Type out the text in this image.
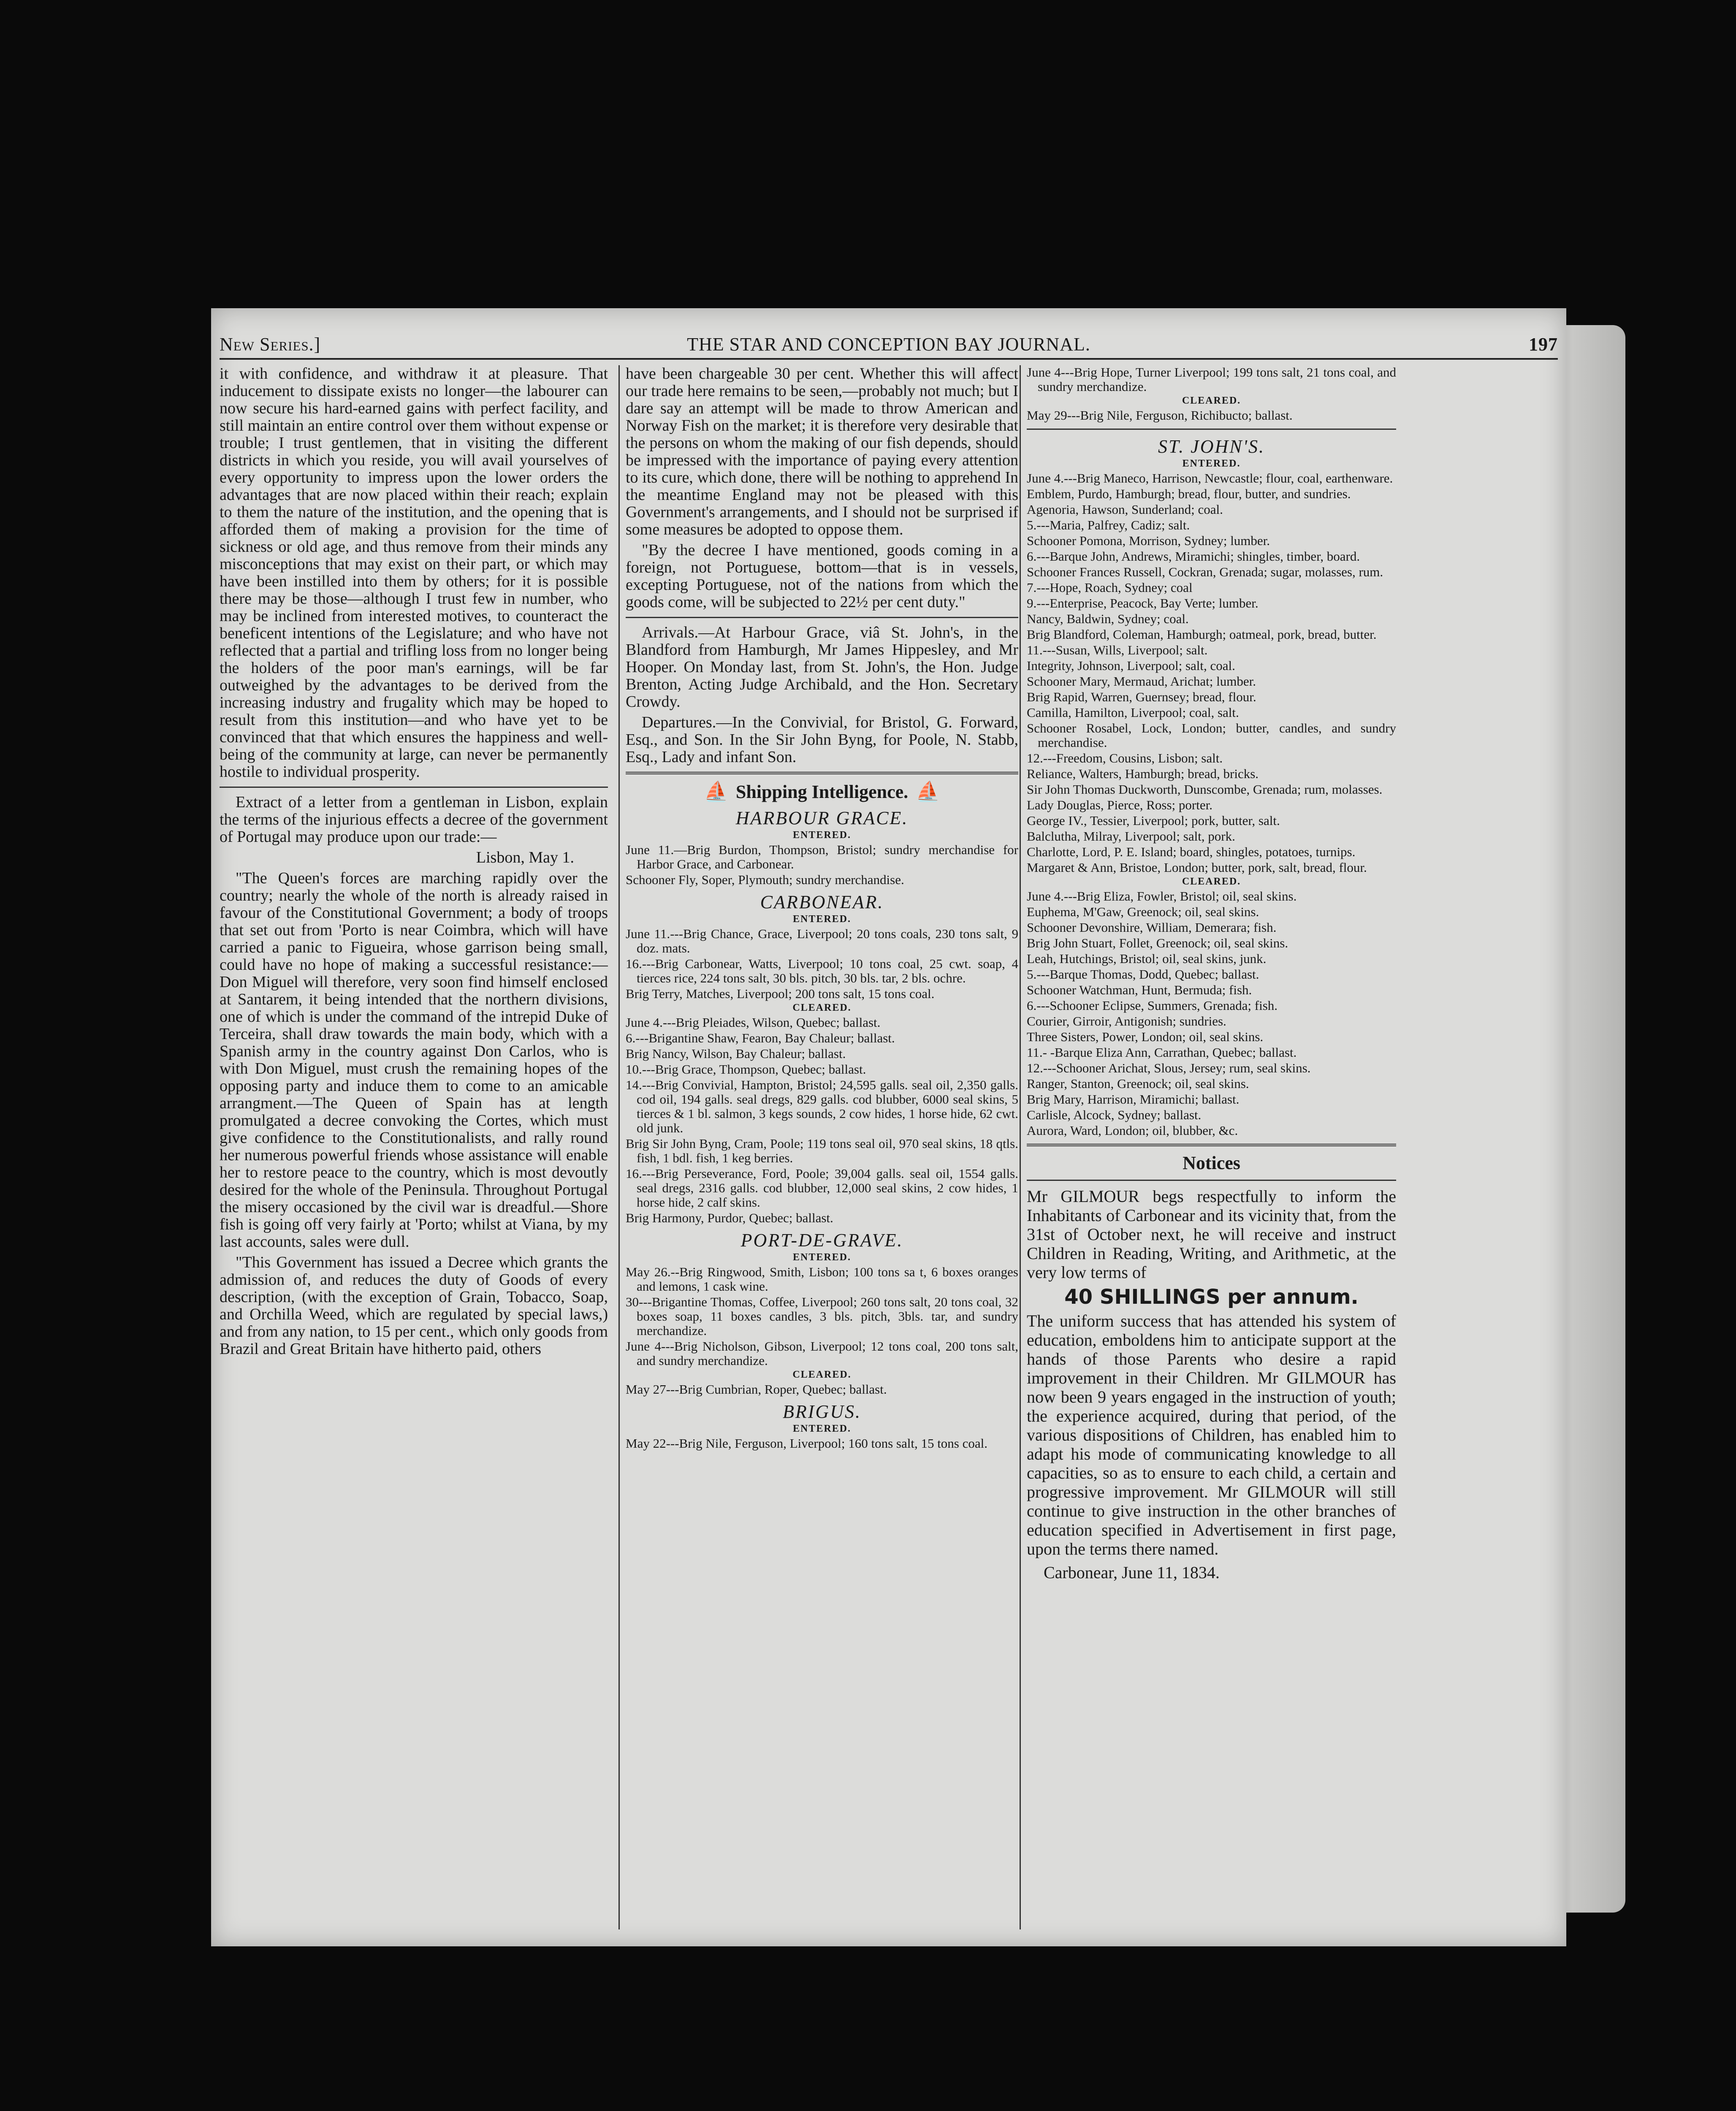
New Series.]	THE STAR AND CONCEPTION BAY JOURNAL.	197

it with confidence, and withdraw it at pleasure. That inducement to dissipate exists no longer—the labourer can now secure his hard-earned gains with perfect facility, and still maintain an entire control over them without expense or trouble; I trust gentlemen, that in visiting the different districts in which you reside, you will avail yourselves of every opportunity to impress upon the lower orders the advantages that are now placed within their reach; explain to them the nature of the institution, and the opening that is afforded them of making a provision for the time of sickness or old age, and thus remove from their minds any misconceptions that may exist on their part, or which may have been instilled into them by others; for it is possible there may be those—although I trust few in number, who may be inclined from interested motives, to counteract the beneficent intentions of the Legislature; and who have not reflected that a partial and trifling loss from no longer being the holders of the poor man's earnings, will be far outweighed by the advantages to be derived from the increasing industry and frugality which may be hoped to result from this institution—and who have yet to be convinced that that which ensures the happiness and well-being of the community at large, can never be permanently hostile to individual prosperity.

Extract of a letter from a gentleman in Lisbon, explain the terms of the injurious effects a decree of the government of Portugal may produce upon our trade:—

Lisbon, May 1.

"The Queen's forces are marching rapidly over the country; nearly the whole of the north is already raised in favour of the Constitutional Government; a body of troops that set out from 'Porto is near Coimbra, which will have carried a panic to Figueira, whose garrison being small, could have no hope of making a successful resistance:—Don Miguel will therefore, very soon find himself enclosed at Santarem, it being intended that the northern divisions, one of which is under the command of the intrepid Duke of Terceira, shall draw towards the main body, which with a Spanish army in the country against Don Carlos, who is with Don Miguel, must crush the remaining hopes of the opposing party and induce them to come to an amicable arrangment.—The Queen of Spain has at length promulgated a decree convoking the Cortes, which must give confidence to the Constitutionalists, and rally round her numerous powerful friends whose assistance will enable her to restore peace to the country, which is most devoutly desired for the whole of the Peninsula. Throughout Portugal the misery occasioned by the civil war is dreadful.—Shore fish is going off very fairly at 'Porto; whilst at Viana, by my last accounts, sales were dull.

"This Government has issued a Decree which grants the admission of, and reduces the duty of Goods of every description, (with the exception of Grain, Tobacco, Soap, and Orchilla Weed, which are regulated by special laws,) and from any nation, to 15 per cent., which only goods from Brazil and Great Britain have hitherto paid, others

have been chargeable 30 per cent. Whether this will affect our trade here remains to be seen,—probably not much; but I dare say an attempt will be made to throw American and Norway Fish on the market; it is therefore very desirable that the persons on whom the making of our fish depends, should be impressed with the importance of paying every attention to its cure, which done, there will be nothing to apprehend In the meantime England may not be pleased with this Government's arrangements, and I should not be surprised if some measures be adopted to oppose them.

"By the decree I have mentioned, goods coming in a foreign, not Portuguese, bottom—that is in vessels, excepting Portuguese, not of the nations from which the goods come, will be subjected to 22½ per cent duty."

Arrivals.—At Harbour Grace, viâ St. John's, in the Blandford from Hamburgh, Mr James Hippesley, and Mr Hooper. On Monday last, from St. John's, the Hon. Judge Brenton, Acting Judge Archibald, and the Hon. Secretary Crowdy.

Departures.—In the Convivial, for Bristol, G. Forward, Esq., and Son. In the Sir John Byng, for Poole, N. Stabb, Esq., Lady and infant Son.

⛵ Shipping Intelligence. ⛵
HARBOUR GRACE.
ENTERED.

June 11.—Brig Burdon, Thompson, Bristol; sundry merchandise for Harbor Grace, and Carbonear.

Schooner Fly, Soper, Plymouth; sundry merchandise.

CARBONEAR.
ENTERED.

June 11.---Brig Chance, Grace, Liverpool; 20 tons coals, 230 tons salt, 9 doz. mats.

16.---Brig Carbonear, Watts, Liverpool; 10 tons coal, 25 cwt. soap, 4 tierces rice, 224 tons salt, 30 bls. pitch, 30 bls. tar, 2 bls. ochre.

Brig Terry, Matches, Liverpool; 200 tons salt, 15 tons coal.

CLEARED.

June 4.---Brig Pleiades, Wilson, Quebec; ballast.

6.---Brigantine Shaw, Fearon, Bay Chaleur; ballast.

Brig Nancy, Wilson, Bay Chaleur; ballast.

10.---Brig Grace, Thompson, Quebec; ballast.

14.---Brig Convivial, Hampton, Bristol; 24,595 galls. seal oil, 2,350 galls. cod oil, 194 galls. seal dregs, 829 galls. cod blubber, 6000 seal skins, 5 tierces & 1 bl. salmon, 3 kegs sounds, 2 cow hides, 1 horse hide, 62 cwt. old junk.

Brig Sir John Byng, Cram, Poole; 119 tons seal oil, 970 seal skins, 18 qtls. fish, 1 bdl. fish, 1 keg berries.

16.---Brig Perseverance, Ford, Poole; 39,004 galls. seal oil, 1554 galls. seal dregs, 2316 galls. cod blubber, 12,000 seal skins, 2 cow hides, 1 horse hide, 2 calf skins.

Brig Harmony, Purdor, Quebec; ballast.

PORT-DE-GRAVE.
ENTERED.

May 26.--Brig Ringwood, Smith, Lisbon; 100 tons sa t, 6 boxes oranges and lemons, 1 cask wine.

30---Brigantine Thomas, Coffee, Liverpool; 260 tons salt, 20 tons coal, 32 boxes soap, 11 boxes candles, 3 bls. pitch, 3bls. tar, and sundry merchandize.

June 4---Brig Nicholson, Gibson, Liverpool; 12 tons coal, 200 tons salt, and sundry merchandize.

CLEARED.

May 27---Brig Cumbrian, Roper, Quebec; ballast.

BRIGUS.
ENTERED.

May 22---Brig Nile, Ferguson, Liverpool; 160 tons salt, 15 tons coal.

June 4---Brig Hope, Turner Liverpool; 199 tons salt, 21 tons coal, and sundry merchandize.

CLEARED.

May 29---Brig Nile, Ferguson, Richibucto; ballast.

ST. JOHN'S.
ENTERED.

June 4.---Brig Maneco, Harrison, Newcastle; flour, coal, earthenware.

Emblem, Purdo, Hamburgh; bread, flour, butter, and sundries.

Agenoria, Hawson, Sunderland; coal.

5.---Maria, Palfrey, Cadiz; salt.

Schooner Pomona, Morrison, Sydney; lumber.

6.---Barque John, Andrews, Miramichi; shingles, timber, board.

Schooner Frances Russell, Cockran, Grenada; sugar, molasses, rum.

7.---Hope, Roach, Sydney; coal

9.---Enterprise, Peacock, Bay Verte; lumber.

Nancy, Baldwin, Sydney; coal.

Brig Blandford, Coleman, Hamburgh; oatmeal, pork, bread, butter.

11.---Susan, Wills, Liverpool; salt.

Integrity, Johnson, Liverpool; salt, coal.

Schooner Mary, Mermaud, Arichat; lumber.

Brig Rapid, Warren, Guernsey; bread, flour.

Camilla, Hamilton, Liverpool; coal, salt.

Schooner Rosabel, Lock, London; butter, candles, and sundry merchandise.

12.---Freedom, Cousins, Lisbon; salt.

Reliance, Walters, Hamburgh; bread, bricks.

Sir John Thomas Duckworth, Dunscombe, Grenada; rum, molasses.

Lady Douglas, Pierce, Ross; porter.

George IV., Tessier, Liverpool; pork, butter, salt.

Balclutha, Milray, Liverpool; salt, pork.

Charlotte, Lord, P. E. Island; board, shingles, potatoes, turnips.

Margaret & Ann, Bristoe, London; butter, pork, salt, bread, flour.

CLEARED.

June 4.---Brig Eliza, Fowler, Bristol; oil, seal skins.

Euphema, M'Gaw, Greenock; oil, seal skins.

Schooner Devonshire, William, Demerara; fish.

Brig John Stuart, Follet, Greenock; oil, seal skins.

Leah, Hutchings, Bristol; oil, seal skins, junk.

5.---Barque Thomas, Dodd, Quebec; ballast.

Schooner Watchman, Hunt, Bermuda; fish.

6.---Schooner Eclipse, Summers, Grenada; fish.

Courier, Girroir, Antigonish; sundries.

Three Sisters, Power, London; oil, seal skins.

11.- -Barque Eliza Ann, Carrathan, Quebec; ballast.

12.---Schooner Arichat, Slous, Jersey; rum, seal skins.

Ranger, Stanton, Greenock; oil, seal skins.

Brig Mary, Harrison, Miramichi; ballast.

Carlisle, Alcock, Sydney; ballast.

Aurora, Ward, London; oil, blubber, &c.

Notices

Mr GILMOUR begs respectfully to inform the Inhabitants of Carbonear and its vicinity that, from the 31st of October next, he will receive and instruct Children in Reading, Writing, and Arithmetic, at the very low terms of

40 SHILLINGS per annum.

The uniform success that has attended his system of education, emboldens him to anticipate support at the hands of those Parents who desire a rapid improvement in their Children. Mr GILMOUR has now been 9 years engaged in the instruction of youth; the experience acquired, during that period, of the various dispositions of Children, has enabled him to adapt his mode of communicating knowledge to all capacities, so as to ensure to each child, a certain and progressive improvement. Mr GILMOUR will still continue to give instruction in the other branches of education specified in Advertisement in first page, upon the terms there named.

Carbonear, June 11, 1834.
